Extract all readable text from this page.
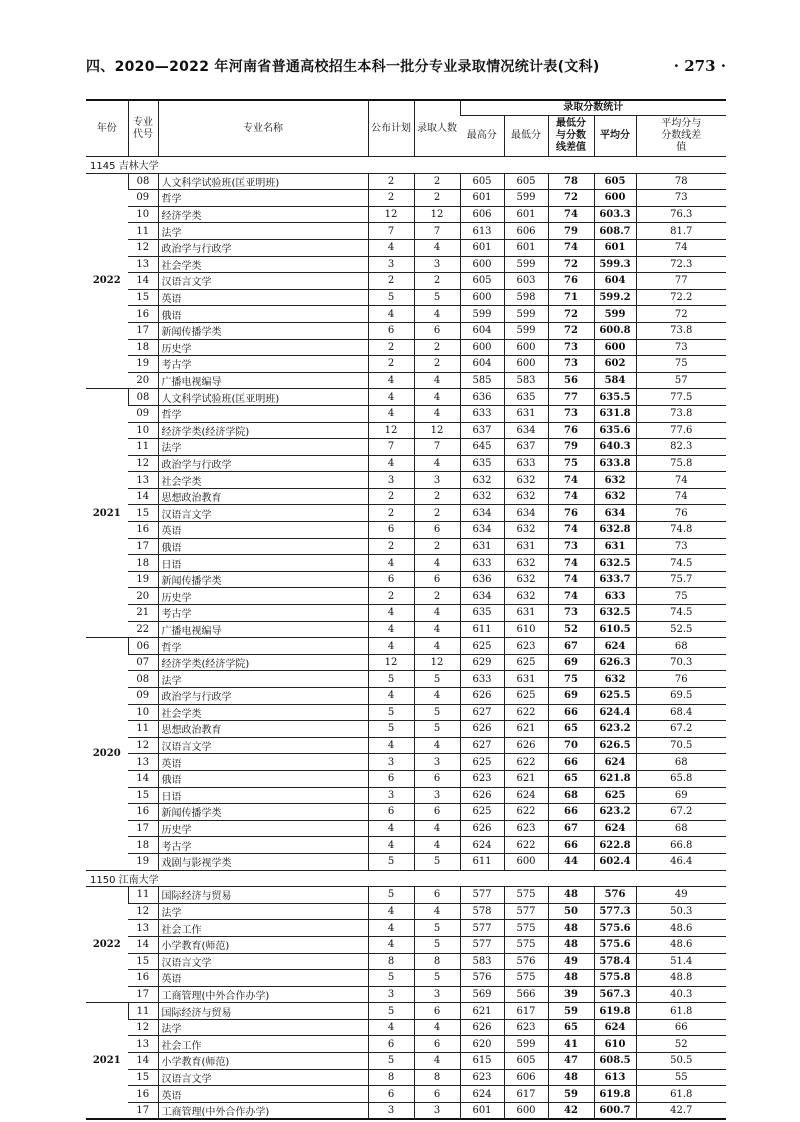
四、2020—2022 年河南省普通高校招生本科一批分专业录取情况统计表(文科)	· 273 ·
年份	专业代号	专业名称	公布计划	录取人数	录取分数统计				
					最高分	最低分	最低分与分数线差值	平均分	平均分与分数线差值
1145 吉林大学									
2022	08	人文科学试验班(匡亚明班)	2	2	605	605	78	605	78
	09	哲学	2	2	601	599	72	600	73
	10	经济学类	12	12	606	601	74	603.3	76.3
	11	法学	7	7	613	606	79	608.7	81.7
	12	政治学与行政学	4	4	601	601	74	601	74
	13	社会学类	3	3	600	599	72	599.3	72.3
	14	汉语言文学	2	2	605	603	76	604	77
	15	英语	5	5	600	598	71	599.2	72.2
	16	俄语	4	4	599	599	72	599	72
	17	新闻传播学类	6	6	604	599	72	600.8	73.8
	18	历史学	2	2	600	600	73	600	73
	19	考古学	2	2	604	600	73	602	75
	20	广播电视编导	4	4	585	583	56	584	57
2021	08	人文科学试验班(匡亚明班)	4	4	636	635	77	635.5	77.5
	09	哲学	4	4	633	631	73	631.8	73.8
	10	经济学类(经济学院)	12	12	637	634	76	635.6	77.6
	11	法学	7	7	645	637	79	640.3	82.3
	12	政治学与行政学	4	4	635	633	75	633.8	75.8
	13	社会学类	3	3	632	632	74	632	74
	14	思想政治教育	2	2	632	632	74	632	74
	15	汉语言文学	2	2	634	634	76	634	76
	16	英语	6	6	634	632	74	632.8	74.8
	17	俄语	2	2	631	631	73	631	73
	18	日语	4	4	633	632	74	632.5	74.5
	19	新闻传播学类	6	6	636	632	74	633.7	75.7
	20	历史学	2	2	634	632	74	633	75
	21	考古学	4	4	635	631	73	632.5	74.5
	22	广播电视编导	4	4	611	610	52	610.5	52.5
2020	06	哲学	4	4	625	623	67	624	68
	07	经济学类(经济学院)	12	12	629	625	69	626.3	70.3
	08	法学	5	5	633	631	75	632	76
	09	政治学与行政学	4	4	626	625	69	625.5	69.5
	10	社会学类	5	5	627	622	66	624.4	68.4
	11	思想政治教育	5	5	626	621	65	623.2	67.2
	12	汉语言文学	4	4	627	626	70	626.5	70.5
	13	英语	3	3	625	622	66	624	68
	14	俄语	6	6	623	621	65	621.8	65.8
	15	日语	3	3	626	624	68	625	69
	16	新闻传播学类	6	6	625	622	66	623.2	67.2
	17	历史学	4	4	626	623	67	624	68
	18	考古学	4	4	624	622	66	622.8	66.8
	19	戏剧与影视学类	5	5	611	600	44	602.4	46.4
1150 江南大学									
2022	11	国际经济与贸易	5	6	577	575	48	576	49
	12	法学	4	4	578	577	50	577.3	50.3
	13	社会工作	4	5	577	575	48	575.6	48.6
	14	小学教育(师范)	4	5	577	575	48	575.6	48.6
	15	汉语言文学	8	8	583	576	49	578.4	51.4
	16	英语	5	5	576	575	48	575.8	48.8
	17	工商管理(中外合作办学)	3	3	569	566	39	567.3	40.3
2021	11	国际经济与贸易	5	6	621	617	59	619.8	61.8
	12	法学	4	4	626	623	65	624	66
	13	社会工作	6	6	620	599	41	610	52
	14	小学教育(师范)	5	4	615	605	47	608.5	50.5
	15	汉语言文学	8	8	623	606	48	613	55
	16	英语	6	6	624	617	59	619.8	61.8
	17	工商管理(中外合作办学)	3	3	601	600	42	600.7	42.7
